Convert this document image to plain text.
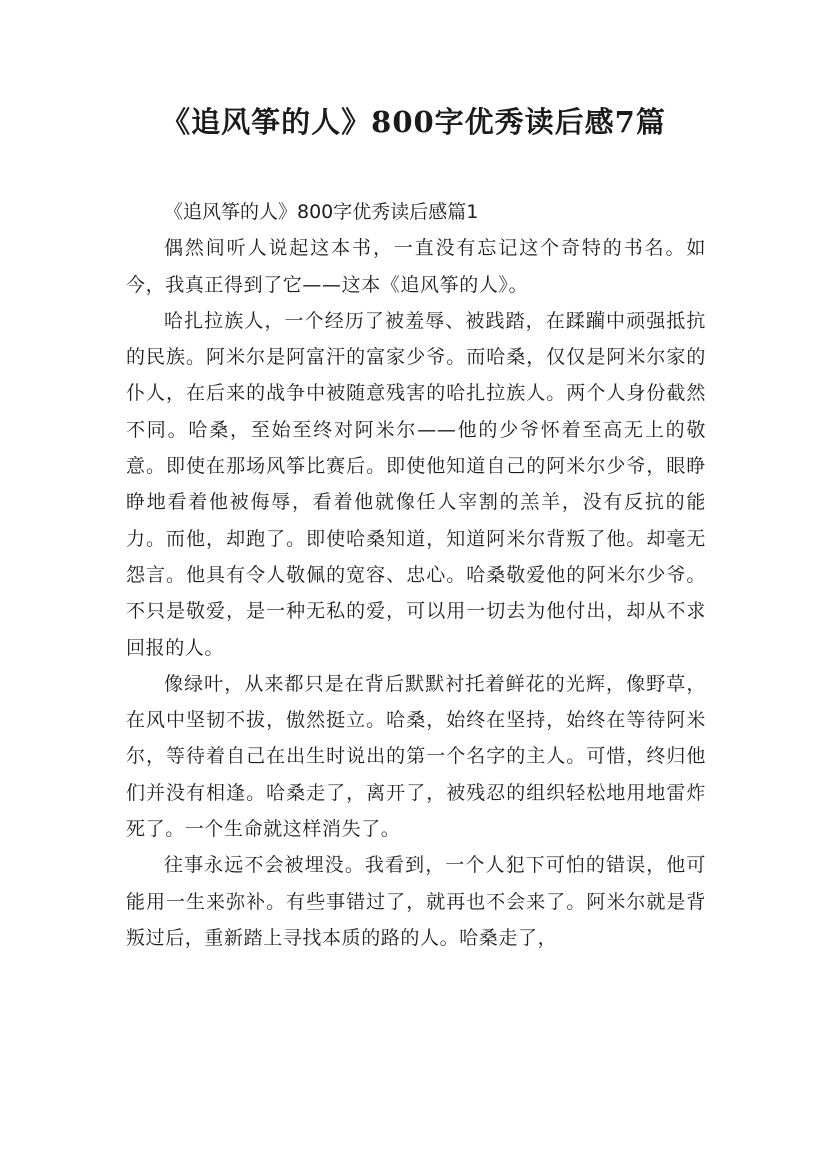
《追风筝的人》800字优秀读后感7篇

《追风筝的人》800字优秀读后感篇1

偶然间听人说起这本书，一直没有忘记这个奇特的书名。如今，我真正得到了它——这本《追风筝的人》。

哈扎拉族人，一个经历了被羞辱、被践踏，在蹂躏中顽强抵抗的民族。阿米尔是阿富汗的富家少爷。而哈桑，仅仅是阿米尔家的仆人，在后来的战争中被随意残害的哈扎拉族人。两个人身份截然不同。哈桑，至始至终对阿米尔——他的少爷怀着至高无上的敬意。即使在那场风筝比赛后。即使他知道自己的阿米尔少爷，眼睁睁地看着他被侮辱，看着他就像任人宰割的羔羊，没有反抗的能力。而他，却跑了。即使哈桑知道，知道阿米尔背叛了他。却毫无怨言。他具有令人敬佩的宽容、忠心。哈桑敬爱他的阿米尔少爷。不只是敬爱，是一种无私的爱，可以用一切去为他付出，却从不求回报的人。

像绿叶，从来都只是在背后默默衬托着鲜花的光辉，像野草，在风中坚韧不拔，傲然挺立。哈桑，始终在坚持，始终在等待阿米尔，等待着自己在出生时说出的第一个名字的主人。可惜，终归他们并没有相逢。哈桑走了，离开了，被残忍的组织轻松地用地雷炸死了。一个生命就这样消失了。

往事永远不会被埋没。我看到，一个人犯下可怕的错误，他可能用一生来弥补。有些事错过了，就再也不会来了。阿米尔就是背叛过后，重新踏上寻找本质的路的人。哈桑走了，
